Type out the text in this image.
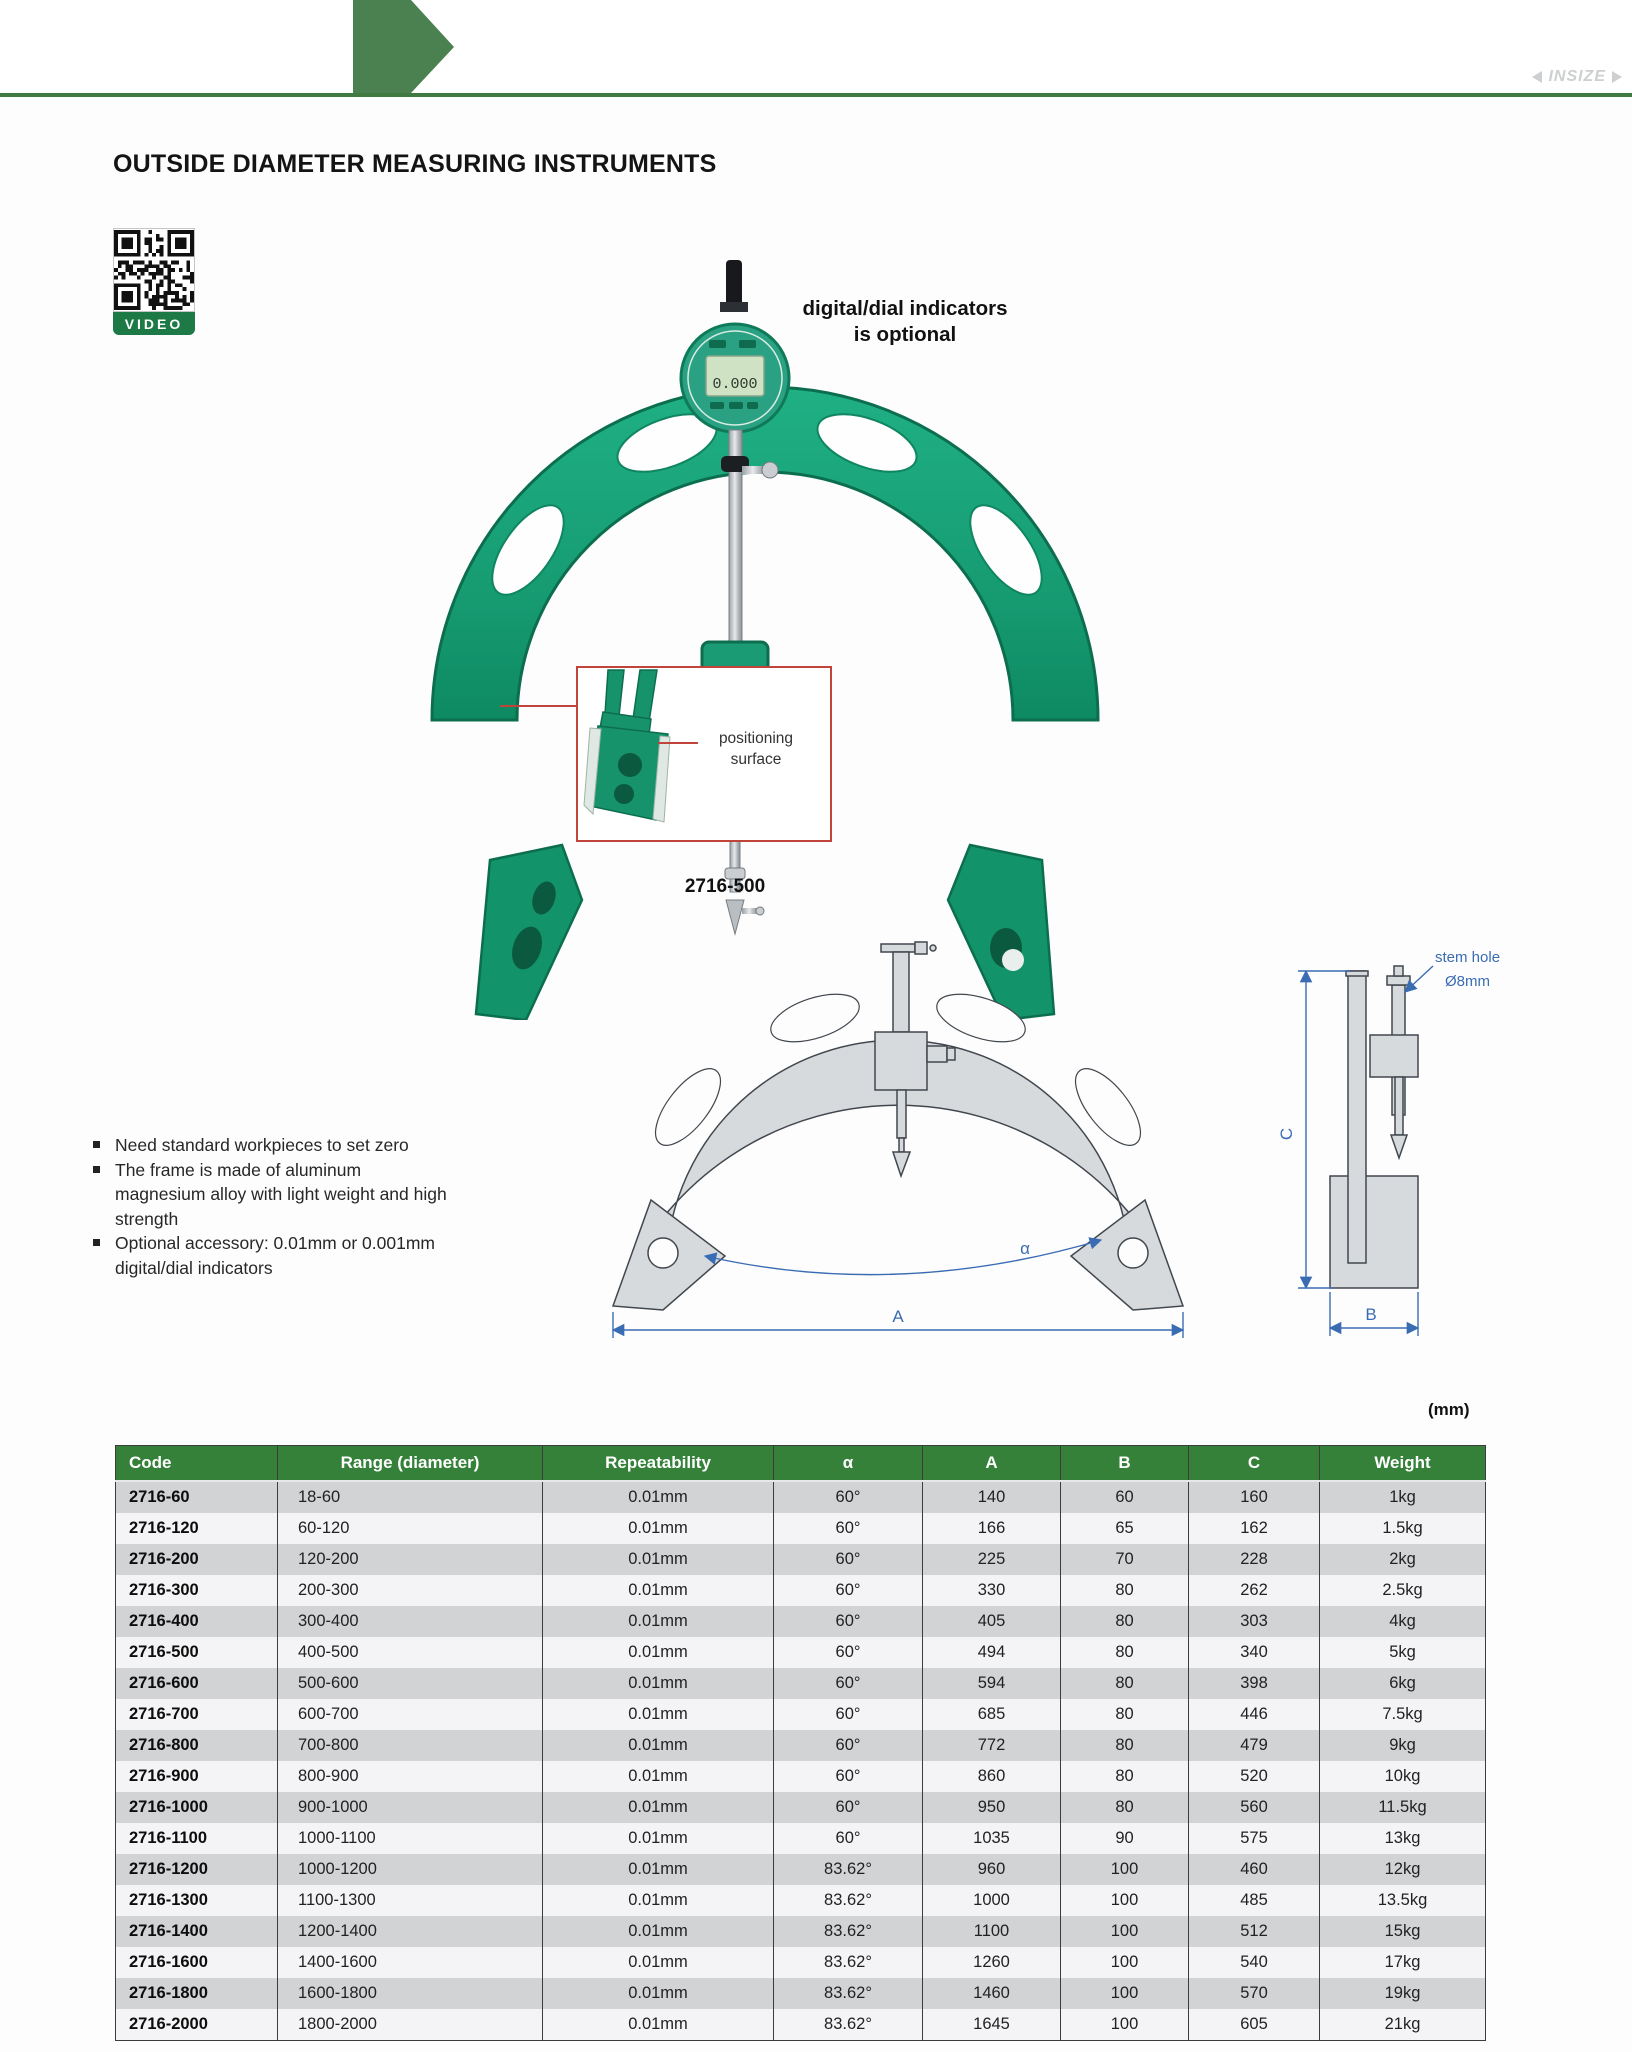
INSIZE
INSIZE
OUTSIDE DIAMETER MEASURING INSTRUMENTS
VIDEO
0.000
digital/dial indicators
is optional
positioning
surface
2716-500
Need standard workpieces to set zero
The frame is made of aluminum magnesium alloy with light weight and high strength
Optional accessory: 0.01mm or 0.001mm digital/dial indicators
α
A
C
B
stem hole
Ø8mm
(mm)
Code	Range (diameter)	Repeatability	α	A	B	C	Weight
2716-60	18-60	0.01mm	60°	140	60	160	1kg
2716-120	60-120	0.01mm	60°	166	65	162	1.5kg
2716-200	120-200	0.01mm	60°	225	70	228	2kg
2716-300	200-300	0.01mm	60°	330	80	262	2.5kg
2716-400	300-400	0.01mm	60°	405	80	303	4kg
2716-500	400-500	0.01mm	60°	494	80	340	5kg
2716-600	500-600	0.01mm	60°	594	80	398	6kg
2716-700	600-700	0.01mm	60°	685	80	446	7.5kg
2716-800	700-800	0.01mm	60°	772	80	479	9kg
2716-900	800-900	0.01mm	60°	860	80	520	10kg
2716-1000	900-1000	0.01mm	60°	950	80	560	11.5kg
2716-1100	1000-1100	0.01mm	60°	1035	90	575	13kg
2716-1200	1000-1200	0.01mm	83.62°	960	100	460	12kg
2716-1300	1100-1300	0.01mm	83.62°	1000	100	485	13.5kg
2716-1400	1200-1400	0.01mm	83.62°	1100	100	512	15kg
2716-1600	1400-1600	0.01mm	83.62°	1260	100	540	17kg
2716-1800	1600-1800	0.01mm	83.62°	1460	100	570	19kg
2716-2000	1800-2000	0.01mm	83.62°	1645	100	605	21kg
